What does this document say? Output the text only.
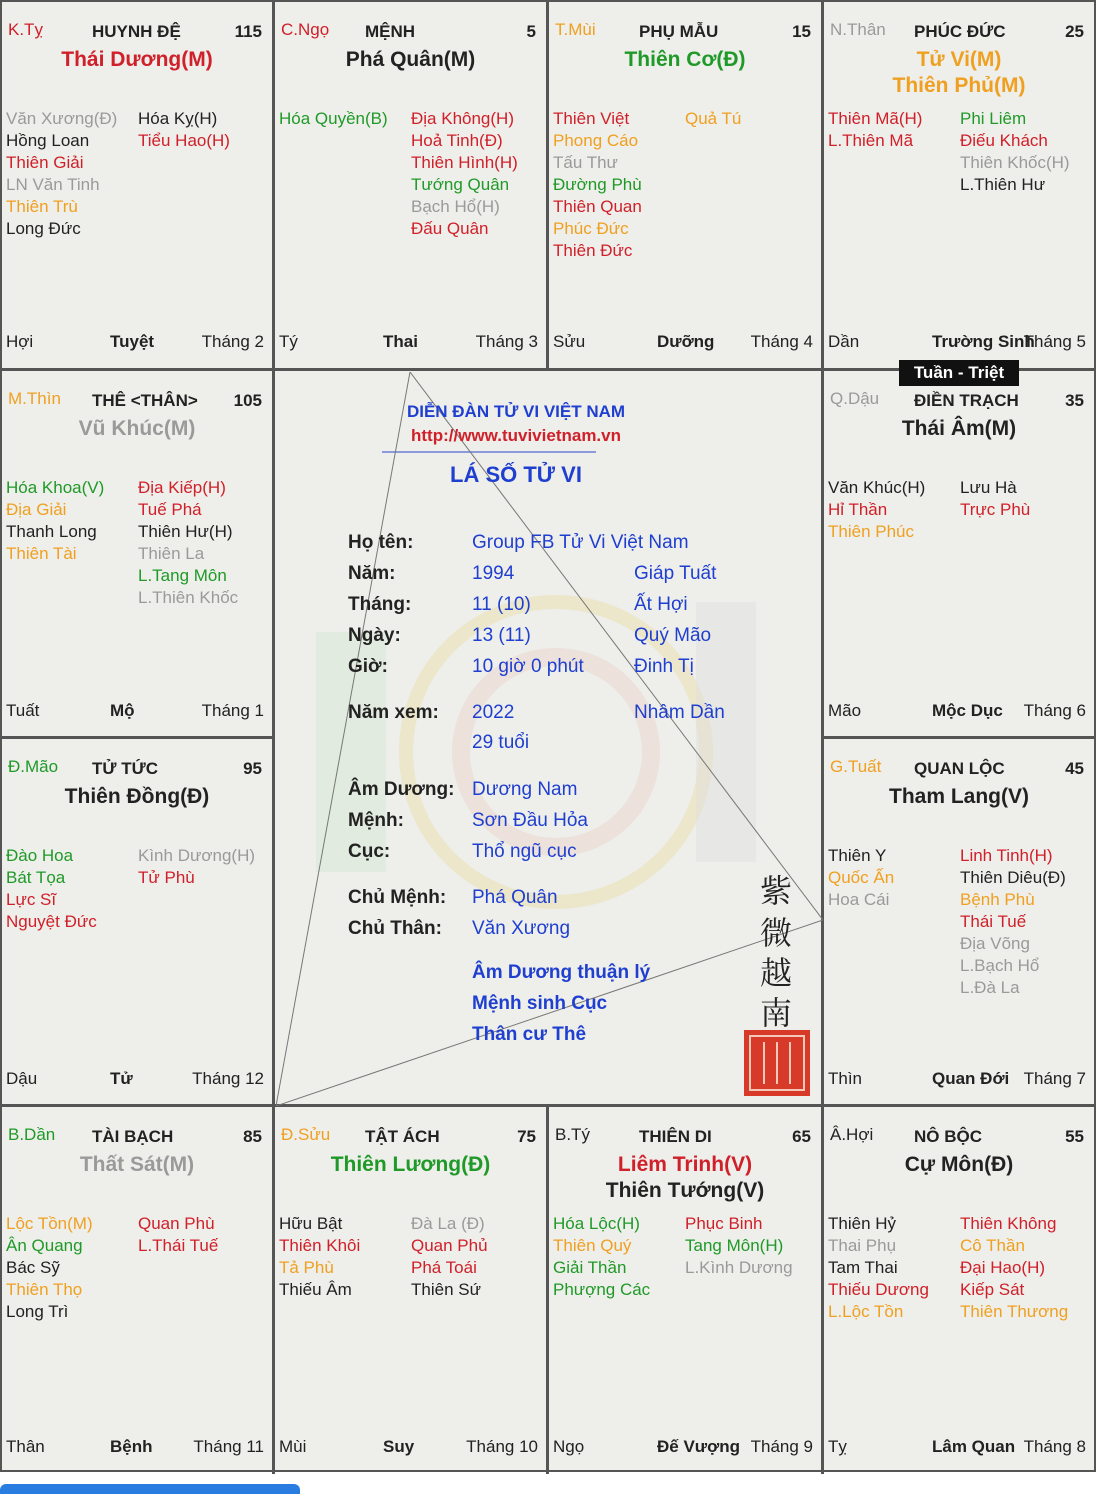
K.Tỵ	HUYNH ĐỆ	115
Thái Dương(M)
Văn Xương(Đ)
Hồng Loan
Thiên Giải
LN Văn Tinh
Thiên Trù
Long Đức
Hóa Kỵ(H)
Tiểu Hao(H)
Hợi	Tuyệt	Tháng 2
C.Ngọ MỆNH	5
Phá Quân(M)
Hóa Quyền(B) Địa Không(H)
Hoả Tinh(Đ)
Thiên Hình(H)
Tướng Quân
Bạch Hổ(H)
Đấu Quân
Tý	Thai	Tháng 3
T.Mùi	PHỤ MẪU	15
Thiên Cơ(Đ)
Thiên Việt
Phong Cáo
Tấu Thư
Đường Phù
Thiên Quan
Phúc Đức
Thiên Đức
Quả Tú
Sửu	Dưỡng Tháng 4
N.Thân PHÚC ĐỨC	25
Tử Vi(M)
Thiên Phủ(M)
Thiên Mã(H)
L.Thiên Mã
Phi Liêm
Điếu Khách
Thiên Khốc(H)
L.Thiên Hư
Dần	Trường Sinh
Tháng 5
M.Thìn THÊ <THÂN> 105
Vũ Khúc(M)
Hóa Khoa(V)
Địa Giải
Thanh Long
Thiên Tài
Địa Kiếp(H)
Tuế Phá
Thiên Hư(H)
Thiên La
L.Tang Môn
L.Thiên Khốc
Tuất	Mộ	Tháng 1
Q.Dậu ĐIỀN TRẠCH	35
Thái Âm(M)
Văn Khúc(H)
Hỉ Thần
Thiên Phúc
Lưu Hà
Trực Phù
Mão	Mộc Dục Tháng 6
Đ.Mão TỬ TỨC	95
Thiên Đồng(Đ)
Đào Hoa
Bát Tọa
Lực Sĩ
Nguyệt Đức
Kình Dương(H)
Tử Phù
Dậu	Tử	Tháng 12
G.Tuất QUAN LỘC	45
Tham Lang(V)
Thiên Y
Quốc Ấn
Hoa Cái
Linh Tinh(H)
Thiên Diêu(Đ)
Bệnh Phù
Thái Tuế
Địa Võng
L.Bạch Hổ
L.Đà La
Thìn	Quan Đới Tháng 7
B.Dần TÀI BẠCH	85
Thất Sát(M)
Lộc Tồn(M)
Ân Quang
Bác Sỹ
Thiên Thọ
Long Trì
Quan Phù
L.Thái Tuế
Thân	Bệnh Tháng 11
Đ.Sửu TẬT ÁCH	75
Thiên Lương(Đ)
Hữu Bật
Thiên Khôi
Tả Phù
Thiếu Âm
Đà La (Đ)
Quan Phủ
Phá Toái
Thiên Sứ
Mùi	Suy	Tháng 10
B.Tý	THIÊN DI	65
Liêm Trinh(V)
Thiên Tướng(V)
Hóa Lộc(H)
Thiên Quý
Giải Thần
Phượng Các
Phục Binh
Tang Môn(H)
L.Kình Dương
Ngọ	Đế Vượng Tháng 9
Â.Hợi NÔ BỘC	55
Cự Môn(Đ)
Thiên Hỷ
Thai Phụ
Tam Thai
Thiếu Dương
L.Lộc Tồn
Thiên Không
Cô Thần
Đại Hao(H)
Kiếp Sát
Thiên Thương
Tỵ	Lâm Quan Tháng 8
DIỄN ĐÀN TỬ VI VIỆT NAM
http://www.tuvivietnam.vn
LÁ SỐ TỬ VI
Họ tên:	Group FB Tử Vi Việt Nam
Năm:	1994	Giáp Tuất
Tháng:	11 (10)	Ất Hợi
Ngày:	13 (11)	Quý Mão
Giờ:	10 giờ 0 phút	Đinh Tị
Năm xem: 2022	Nhâm Dần
29 tuổi
Âm Dương: Dương Nam
Mệnh:	Sơn Đầu Hỏa
Cục:	Thổ ngũ cục
Chủ Mệnh: Phá Quân
Chủ Thân: Văn Xương
Âm Dương thuận lý
Mệnh sinh Cục
Thân cư Thê
紫
微
越
南
Tuần - Triệt
